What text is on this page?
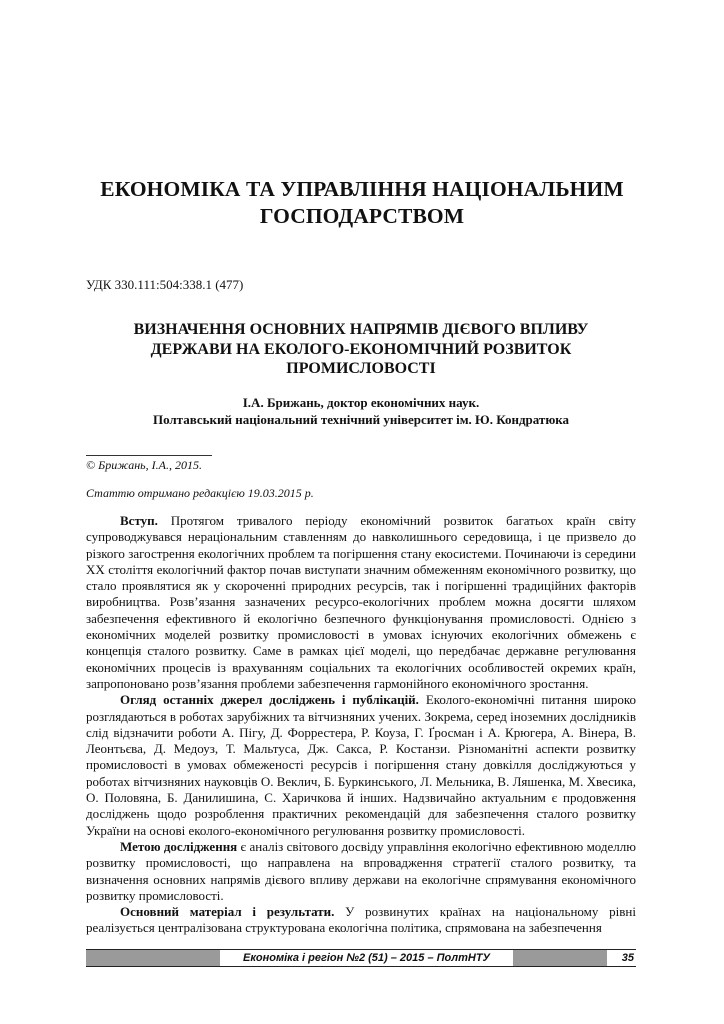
ЕКОНОМІКА ТА УПРАВЛІННЯ НАЦІОНАЛЬНИМ
ГОСПОДАРСТВОМ
УДК 330.111:504:338.1 (477)
ВИЗНАЧЕННЯ ОСНОВНИХ НАПРЯМІВ ДІЄВОГО ВПЛИВУ
ДЕРЖАВИ НА ЕКОЛОГО-ЕКОНОМІЧНИЙ РОЗВИТОК
ПРОМИСЛОВОСТІ
І.А. Брижань, доктор економічних наук.
Полтавський національний технічний університет ім. Ю. Кондратюка
© Брижань, І.А., 2015.
Статтю отримано редакцією 19.03.2015 р.

Вступ. Протягом тривалого періоду економічний розвиток багатьох країн світу супроводжувався нераціональним ставленням до навколишнього середовища, і це призвело до різкого загострення екологічних проблем та погіршення стану екосистеми. Починаючи із середини XX століття екологічний фактор почав виступати значним обмеженням економічного розвитку, що стало проявлятися як у скороченні природних ресурсів, так і погіршенні традиційних факторів виробництва. Розв’язання зазначених ресурсо-екологічних проблем можна досягти шляхом забезпечення ефективного й екологічно безпечного функціонування промисловості. Однією з економічних моделей розвитку промисловості в умовах існуючих екологічних обмежень є концепція сталого розвитку. Саме в рамках цієї моделі, що передбачає державне регулювання економічних процесів із врахуванням соціальних та екологічних особливостей окремих країн, запропоновано розв’язання проблеми забезпечення гармонійного економічного зростання.

Огляд останніх джерел досліджень і публікацій. Еколого-економічні питання широко розглядаються в роботах зарубіжних та вітчизняних учених. Зокрема, серед іноземних дослідників слід відзначити роботи А. Пігу, Д. Форрестера, Р. Коуза, Г. Ґросман і А. Крюгера, А. Вінера, В. Леонтьєва, Д. Медоуз, Т. Мальтуса, Дж. Сакса, Р. Костанзи. Різноманітні аспекти розвитку промисловості в умовах обмеженості ресурсів і погіршення стану довкілля досліджуються у роботах вітчизняних науковців О. Веклич, Б. Буркинського, Л. Мельника, В. Ляшенка, М. Хвесика, О. Половяна, Б. Данилишина, С. Харичкова й інших. Надзвичайно актуальним є продовження досліджень щодо розроблення практичних рекомендацій для забезпечення сталого розвитку України на основі еколого-економічного регулювання розвитку промисловості.

Метою дослідження є аналіз світового досвіду управління екологічно ефективною моделлю розвитку промисловості, що направлена на впровадження стратегії сталого розвитку, та визначення основних напрямів дієвого впливу держави на екологічне спрямування економічного розвитку промисловості.

Основний матеріал і результати. У розвинутих країнах на національному рівні реалізується централізована структурована екологічна політика, спрямована на забезпечення

Економіка і регіон №2 (51) – 2015 – ПолтНТУ	35
